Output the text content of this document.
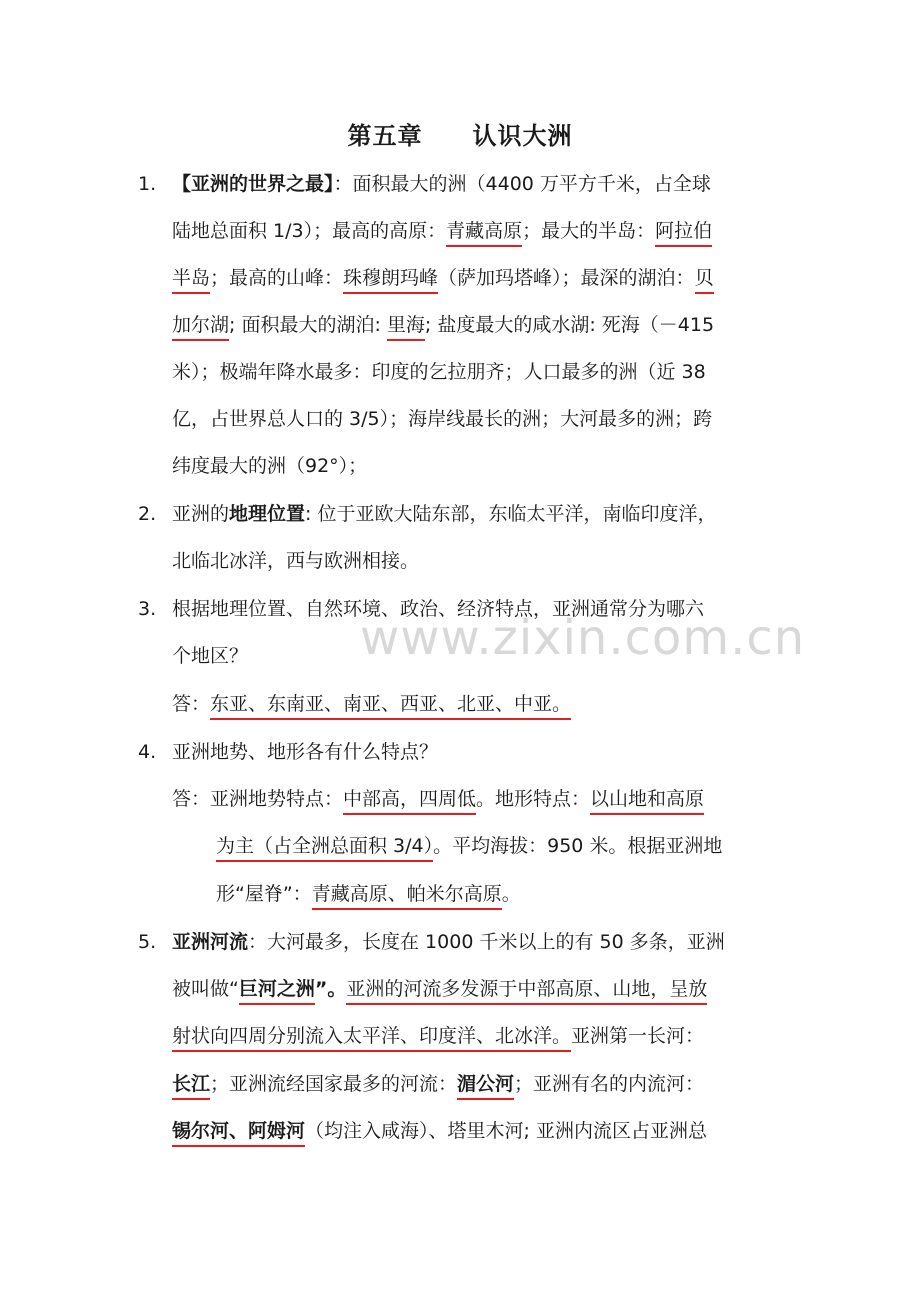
www.zixin.com.cn
第五章　　认识大洲
1. 【亚洲的世界之最】：面积最大的洲（4400 万平方千米，占全球
陆地总面积 1/3）；最高的高原：青藏高原；最大的半岛：阿拉伯
半岛；最高的山峰：珠穆朗玛峰（萨加玛塔峰）；最深的湖泊：贝
加尔湖; 面积最大的湖泊: 里海; 盐度最大的咸水湖: 死海（－415
米）；极端年降水最多：印度的乞拉朋齐；人口最多的洲（近 38
亿，占世界总人口的 3/5）；海岸线最长的洲；大河最多的洲；跨
纬度最大的洲（92°）；
2. 亚洲的地理位置: 位于亚欧大陆东部，东临太平洋，南临印度洋，
北临北冰洋，西与欧洲相接。
3. 根据地理位置、自然环境、政治、经济特点，亚洲通常分为哪六
个地区？
答：东亚、东南亚、南亚、西亚、北亚、中亚。
4. 亚洲地势、地形各有什么特点？
答：亚洲地势特点：中部高，四周低。地形特点：以山地和高原
为主（占全洲总面积 3/4）。平均海拔：950 米。根据亚洲地
形“屋脊”：青藏高原、帕米尔高原。
5. 亚洲河流：大河最多，长度在 1000 千米以上的有 50 多条，亚洲
被叫做“巨河之洲”。亚洲的河流多发源于中部高原、山地，呈放
射状向四周分别流入太平洋、印度洋、北冰洋。亚洲第一长河：
长江；亚洲流经国家最多的河流：湄公河；亚洲有名的内流河：
锡尔河、阿姆河（均注入咸海）、塔里木河; 亚洲内流区占亚洲总
